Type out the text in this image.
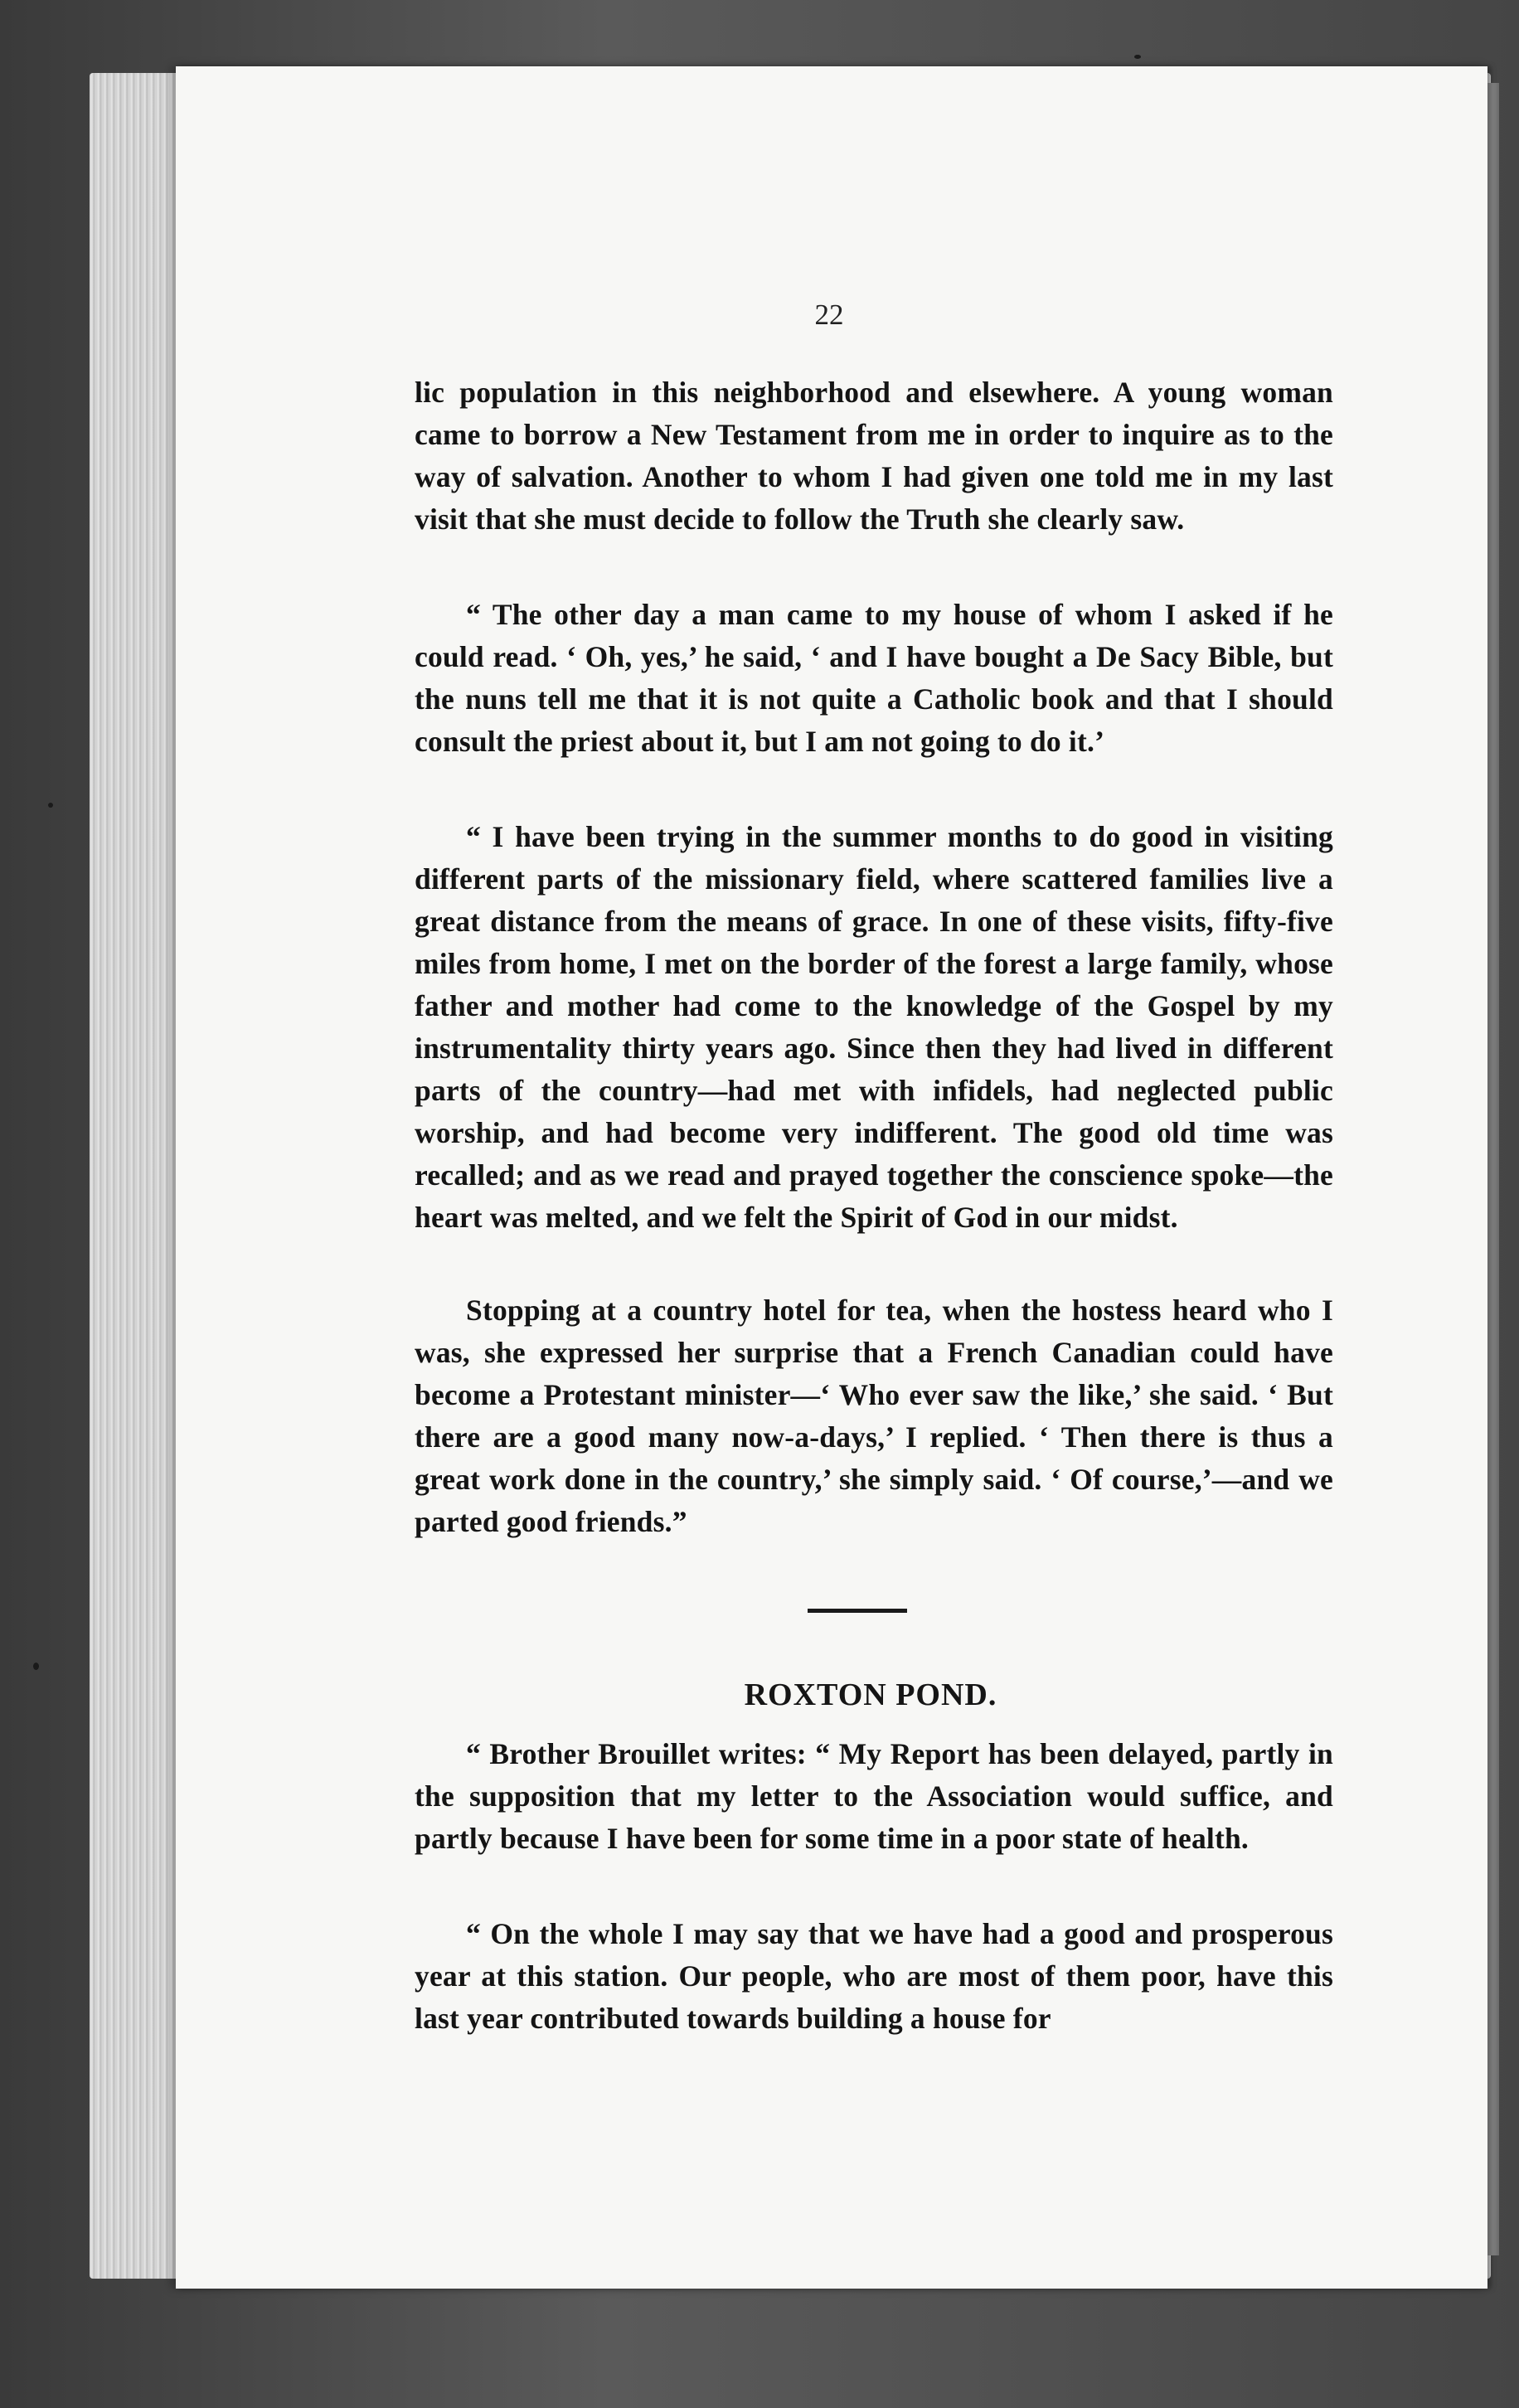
22

lic population in this neighborhood and elsewhere. A young woman came to borrow a New Testament from me in order to inquire as to the way of salvation. Another to whom I had given one told me in my last visit that she must decide to follow the Truth she clearly saw.

“ The other day a man came to my house of whom I asked if he could read. ‘ Oh, yes,’ he said, ‘ and I have bought a De Sacy Bible, but the nuns tell me that it is not quite a Catholic book and that I should consult the priest about it, but I am not going to do it.’

“ I have been trying in the summer months to do good in visiting different parts of the missionary field, where scattered families live a great distance from the means of grace. In one of these visits, fifty-five miles from home, I met on the border of the forest a large family, whose father and mother had come to the knowledge of the Gospel by my instrumentality thirty years ago. Since then they had lived in different parts of the country—had met with infidels, had neglected public worship, and had become very indifferent. The good old time was recalled; and as we read and prayed together the conscience spoke—the heart was melted, and we felt the Spirit of God in our midst.

Stopping at a country hotel for tea, when the hostess heard who I was, she expressed her surprise that a French Canadian could have become a Protestant minister—‘ Who ever saw the like,’ she said. ‘ But there are a good many now-a-days,’ I replied. ‘ Then there is thus a great work done in the country,’ she simply said. ‘ Of course,’—and we parted good friends.”

ROXTON POND.

“ Brother Brouillet writes: “ My Report has been delayed, partly in the supposition that my letter to the Association would suffice, and partly because I have been for some time in a poor state of health.

“ On the whole I may say that we have had a good and prosperous year at this station. Our people, who are most of them poor, have this last year contributed towards building a house for
